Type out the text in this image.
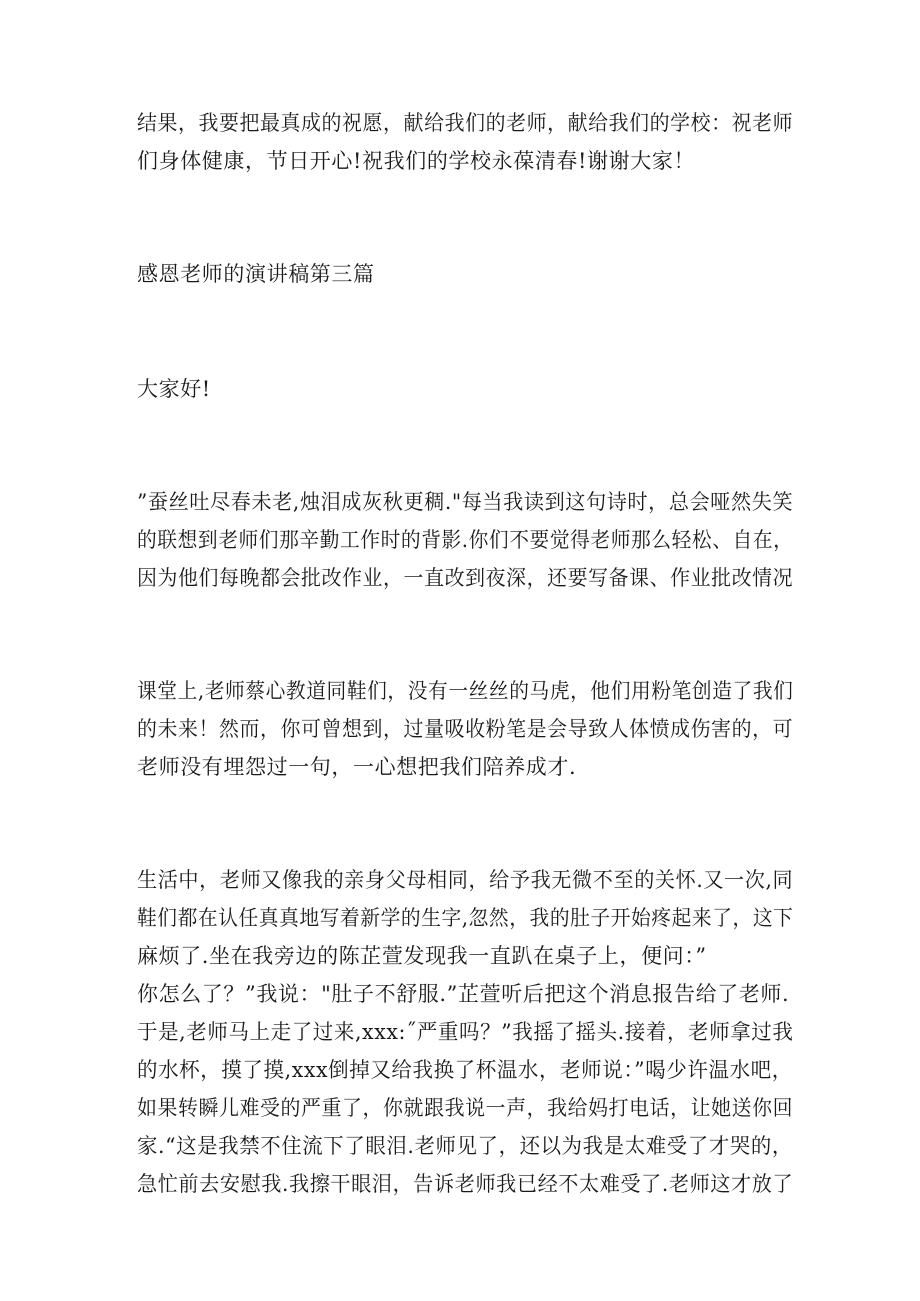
结果，我要把最真成的祝愿，献给我们的老师，献给我们的学校：祝老师
们身体健康，节日开心!祝我们的学校永葆清春!谢谢大家！
感恩老师的演讲稿第三篇
大家好!
”蚕丝吐尽春未老,烛泪成灰秋更稠."每当我读到这句诗时，总会哑然失笑
的联想到老师们那辛勤工作时的背影.你们不要觉得老师那么轻松、自在，
因为他们每晚都会批改作业，一直改到夜深，还要写备课、作业批改情况
课堂上,老师蔡心教道同鞋们，没有一丝丝的马虎，他们用粉笔创造了我们
的未来！然而，你可曾想到，过量吸收粉笔是会导致人体愤成伤害的，可
老师没有埋怨过一句，一心想把我们陪养成才.
生活中，老师又像我的亲身父母相同，给予我无微不至的关怀.又一次,同
鞋们都在认任真真地写着新学的生字,忽然，我的肚子开始疼起来了，这下
麻烦了.坐在我旁边的陈芷萱发现我一直趴在桌子上，便问：”
你怎么了？”我说："肚子不舒服.”芷萱听后把这个消息报告给了老师.
于是,老师马上走了过来,xxx:˝严重吗？”我摇了摇头.接着，老师拿过我
的水杯，摸了摸,xxx倒掉又给我换了杯温水，老师说：”喝少许温水吧，
如果转瞬儿难受的严重了，你就跟我说一声，我给妈打电话，让她送你回
家.“这是我禁不住流下了眼泪.老师见了，还以为我是太难受了才哭的，
急忙前去安慰我.我擦干眼泪，告诉老师我已经不太难受了.老师这才放了
